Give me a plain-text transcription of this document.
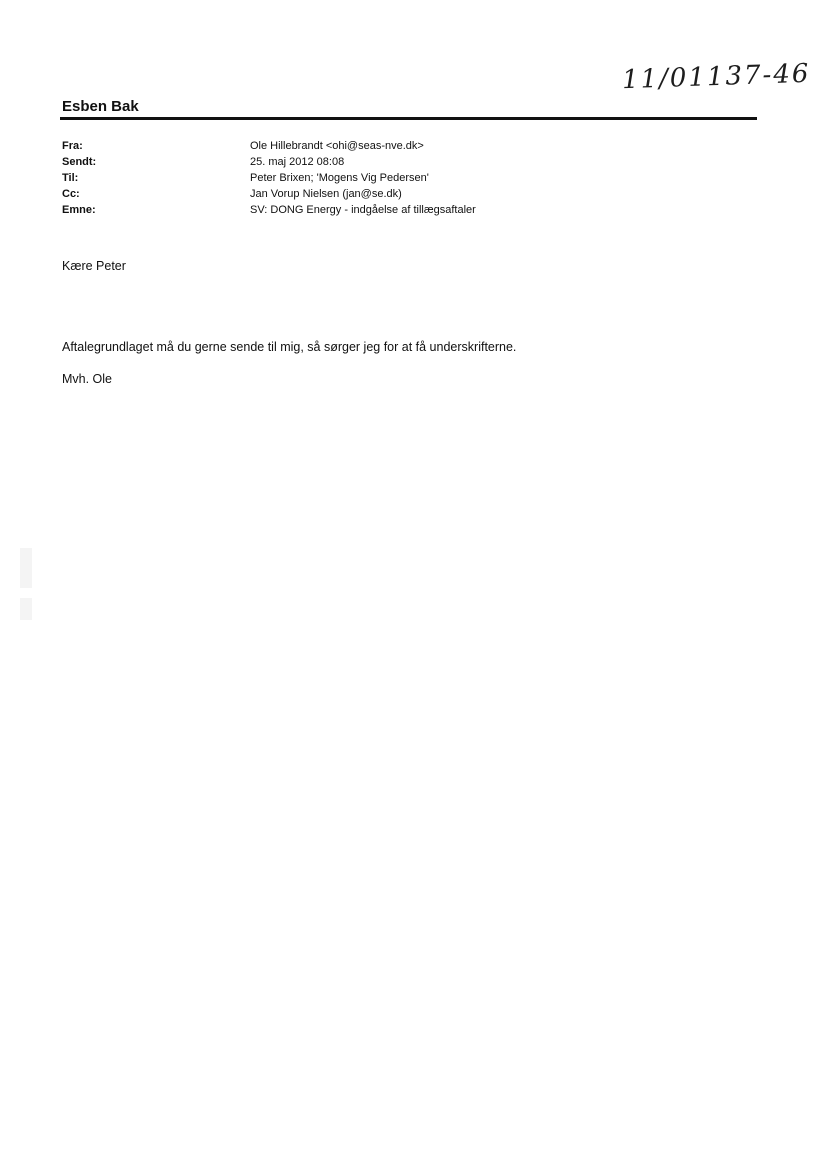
11/01137-46
Esben Bak
Fra:	Ole Hillebrandt <ohi@seas-nve.dk>
Sendt:	25. maj 2012 08:08
Til:	Peter Brixen; 'Mogens Vig Pedersen'
Cc:	Jan Vorup Nielsen (jan@se.dk)
Emne:	SV: DONG Energy - indgåelse af tillægsaftaler
Kære Peter
Aftalegrundlaget må du gerne sende til mig, så sørger jeg for at få underskrifterne.
Mvh. Ole
